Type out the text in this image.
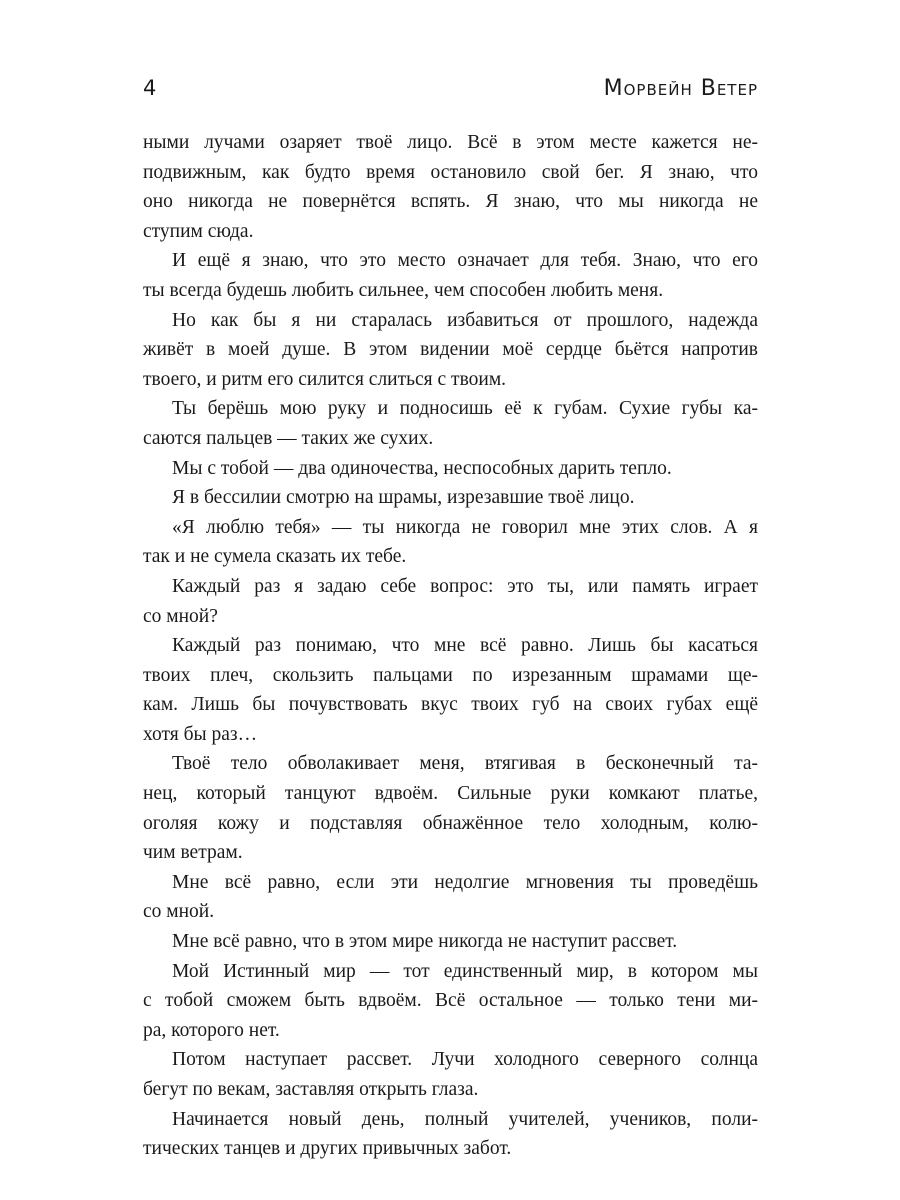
4	Морвейн Ветер
ными лучами озаряет твоё лицо. Всё в этом месте кажется не-
подвижным, как будто время остановило свой бег. Я знаю, что
оно никогда не повернётся вспять. Я знаю, что мы никогда не
ступим сюда.
И ещё я знаю, что это место означает для тебя. Знаю, что его
ты всегда будешь любить сильнее, чем способен любить меня.
Но как бы я ни старалась избавиться от прошлого, надежда
живёт в моей душе. В этом видении моё сердце бьётся напротив
твоего, и ритм его силится слиться с твоим.
Ты берёшь мою руку и подносишь её к губам. Сухие губы ка-
саются пальцев — таких же сухих.
Мы с тобой — два одиночества, неспособных дарить тепло.
Я в бессилии смотрю на шрамы, изрезавшие твоё лицо.
«Я люблю тебя» — ты никогда не говорил мне этих слов. А я
так и не сумела сказать их тебе.
Каждый раз я задаю себе вопрос: это ты, или память играет
со мной?
Каждый раз понимаю, что мне всё равно. Лишь бы касаться
твоих плеч, скользить пальцами по изрезанным шрамами ще-
кам. Лишь бы почувствовать вкус твоих губ на своих губах ещё
хотя бы раз…
Твоё тело обволакивает меня, втягивая в бесконечный та-
нец, который танцуют вдвоём. Сильные руки комкают платье,
оголяя кожу и подставляя обнажённое тело холодным, колю-
чим ветрам.
Мне всё равно, если эти недолгие мгновения ты проведёшь
со мной.
Мне всё равно, что в этом мире никогда не наступит рассвет.
Мой Истинный мир — тот единственный мир, в котором мы
с тобой сможем быть вдвоём. Всё остальное — только тени ми-
ра, которого нет.
Потом наступает рассвет. Лучи холодного северного солнца
бегут по векам, заставляя открыть глаза.
Начинается новый день, полный учителей, учеников, поли-
тических танцев и других привычных забот.
